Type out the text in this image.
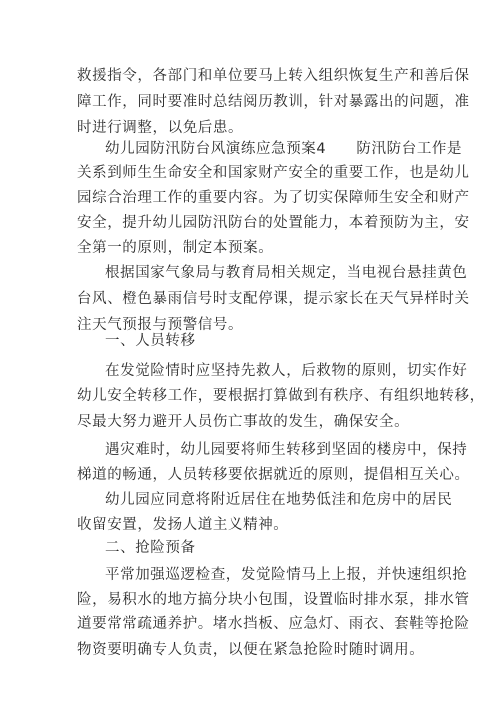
救援指令，各部门和单位要马上转入组织恢复生产和善后保
障工作，同时要准时总结阅历教训，针对暴露出的问题，准
时进行调整，以免后患。
幼儿园防汛防台风演练应急预案4　　防汛防台工作是
关系到师生生命安全和国家财产安全的重要工作，也是幼儿
园综合治理工作的重要内容。为了切实保障师生安全和财产
安全，提升幼儿园防汛防台的处置能力，本着预防为主，安
全第一的原则，制定本预案。
根据国家气象局与教育局相关规定，当电视台悬挂黄色
台风、橙色暴雨信号时支配停课，提示家长在天气异样时关
注天气预报与预警信号。
一、人员转移
在发觉险情时应坚持先救人，后救物的原则，切实作好
幼儿安全转移工作，要根据打算做到有秩序、有组织地转移，
尽最大努力避开人员伤亡事故的发生，确保安全。
遇灾难时，幼儿园要将师生转移到坚固的楼房中，保持
梯道的畅通，人员转移要依据就近的原则，提倡相互关心。
幼儿园应同意将附近居住在地势低洼和危房中的居民
收留安置，发扬人道主义精神。
二、抢险预备
平常加强巡逻检查，发觉险情马上上报，并快速组织抢
险，易积水的地方搞分块小包围，设置临时排水泵，排水管
道要常常疏通养护。堵水挡板、应急灯、雨衣、套鞋等抢险
物资要明确专人负责，以便在紧急抢险时随时调用。
